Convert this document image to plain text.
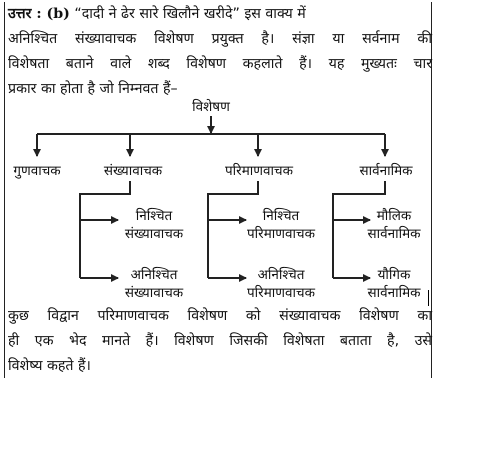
उत्तर : (b) “दादी ने ढेर सारे खिलौने खरीदे” इस वाक्य में
अनिश्चित संख्यावाचक विशेषण प्रयुक्त है। संज्ञा या सर्वनाम की
विशेषता बताने वाले शब्द विशेषण कहलाते हैं। यह मुख्यतः चार
प्रकार का होता है जो निम्नवत हैं–
विशेषण
गुणवाचक	संख्यावाचक	परिमाणवाचक	सार्वनामिक
निश्चित
संख्यावाचक
अनिश्चित
संख्यावाचक
निश्चित
परिमाणवाचक
अनिश्चित
परिमाणवाचक
मौलिक
सार्वनामिक
यौगिक
सार्वनामिक
कुछ विद्वान परिमाणवाचक विशेषण को संख्यावाचक विशेषण का
ही एक भेद मानते हैं। विशेषण जिसकी विशेषता बताता है, उसे
विशेष्य कहते हैं।
